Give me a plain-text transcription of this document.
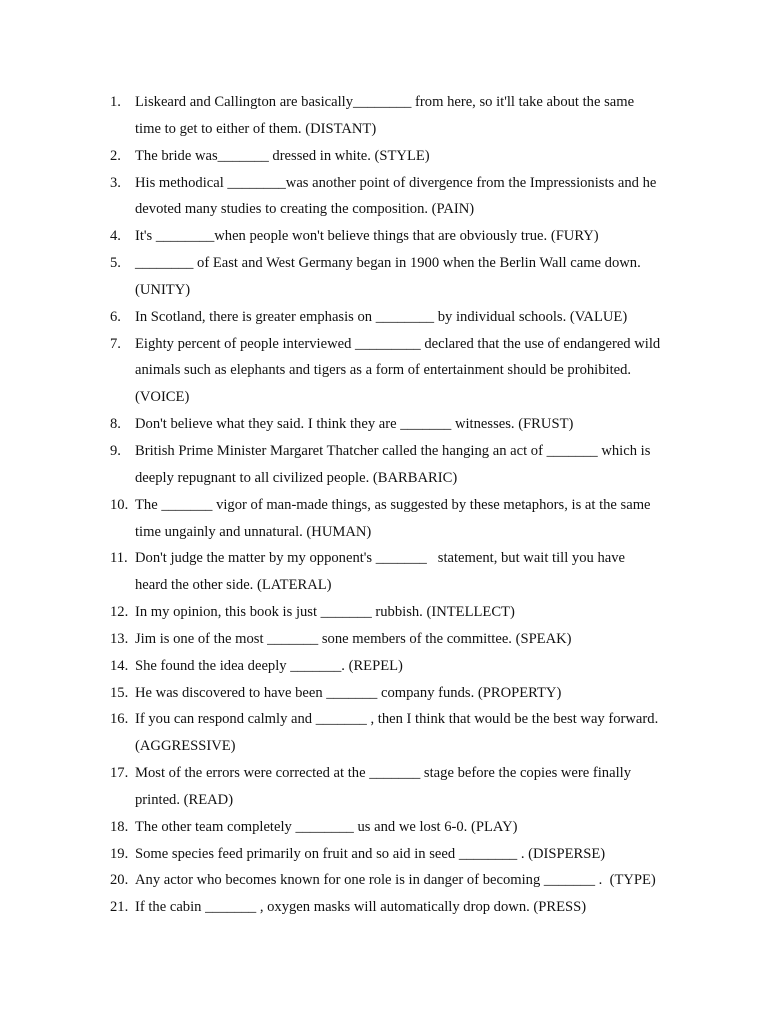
1. Liskeard and Callington are basically________ from here, so it'll take about the same
time to get to either of them. (DISTANT)
2. The bride was_______ dressed in white. (STYLE)
3. His methodical ________was another point of divergence from the Impressionists and he
devoted many studies to creating the composition. (PAIN)
4. It's ________when people won't believe things that are obviously true. (FURY)
5. ________ of East and West Germany began in 1900 when the Berlin Wall came down.
(UNITY)
6. In Scotland, there is greater emphasis on ________ by individual schools. (VALUE)
7. Eighty percent of people interviewed _________ declared that the use of endangered wild
animals such as elephants and tigers as a form of entertainment should be prohibited.
(VOICE)
8. Don't believe what they said. I think they are _______ witnesses. (FRUST)
9. British Prime Minister Margaret Thatcher called the hanging an act of _______ which is
deeply repugnant to all civilized people. (BARBARIC)
10. The _______ vigor of man-made things, as suggested by these metaphors, is at the same
time ungainly and unnatural. (HUMAN)
11. Don't judge the matter by my opponent's _______   statement, but wait till you have
heard the other side. (LATERAL)
12. In my opinion, this book is just _______ rubbish. (INTELLECT)
13. Jim is one of the most _______ sone members of the committee. (SPEAK)
14. She found the idea deeply _______. (REPEL)
15. He was discovered to have been _______ company funds. (PROPERTY)
16. If you can respond calmly and _______ , then I think that would be the best way forward.
(AGGRESSIVE)
17. Most of the errors were corrected at the _______ stage before the copies were finally
printed. (READ)
18. The other team completely ________ us and we lost 6-0. (PLAY)
19. Some species feed primarily on fruit and so aid in seed ________ . (DISPERSE)
20. Any actor who becomes known for one role is in danger of becoming _______ .  (TYPE)
21. If the cabin _______ , oxygen masks will automatically drop down. (PRESS)
